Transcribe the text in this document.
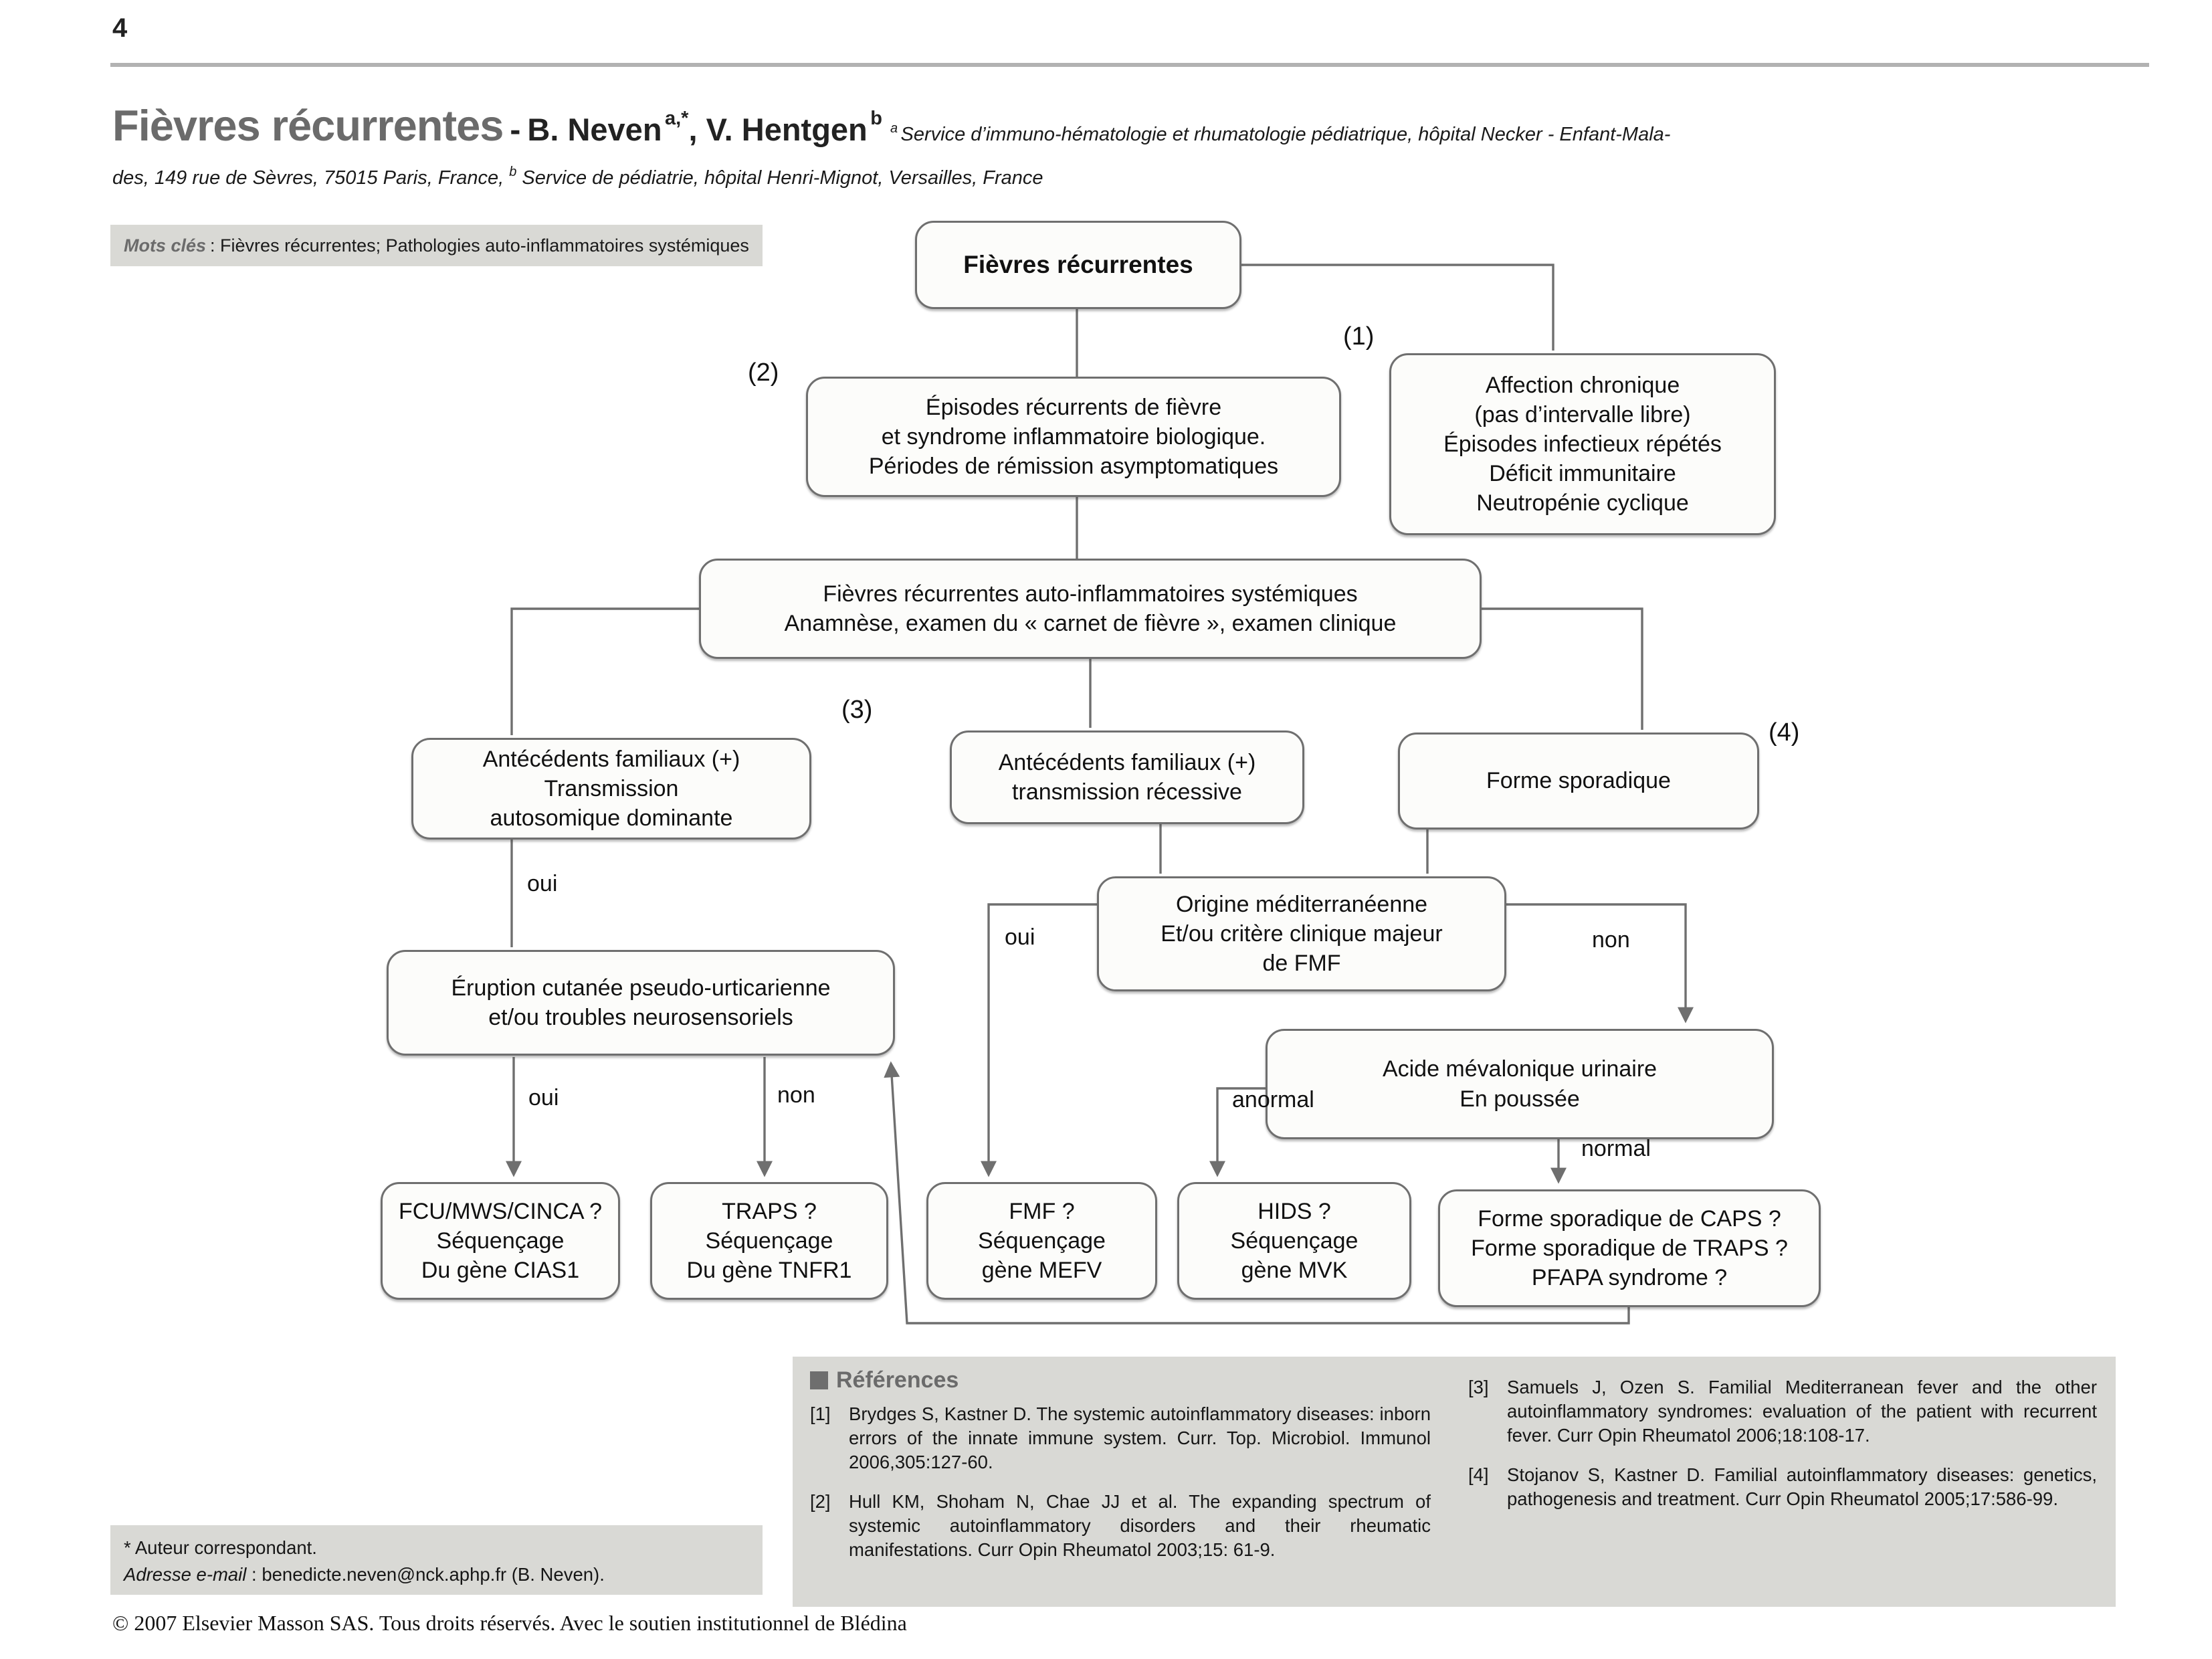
4
Fièvres récurrentes - B. Neven a,*, V. Hentgen b a Service d’immuno-hématologie et rhumatologie pédiatrique, hôpital Necker - Enfant-Mala-
des, 149 rue de Sèvres, 75015 Paris, France, $^b$ Service de pédiatrie, hôpital Henri-Mignot, Versailles, France
Mots clés : Fièvres récurrentes; Pathologies auto-inflammatoires systémiques
Fièvres récurrentes
Affection chronique
(pas d’intervalle libre)
Épisodes infectieux répétés
Déficit immunitaire
Neutropénie cyclique
Épisodes récurrents de fièvre
et syndrome inflammatoire biologique.
Périodes de rémission asymptomatiques
Fièvres récurrentes auto-inflammatoires systémiques
Anamnèse, examen du « carnet de fièvre », examen clinique
Antécédents familiaux (+)
Transmission
autosomique dominante
Antécédents familiaux (+)
transmission récessive	Forme sporadique
Éruption cutanée pseudo-urticarienne
et/ou troubles neurosensoriels
Origine méditerranéenne
Et/ou critère clinique majeur
de FMF
Acide mévalonique urinaire
En poussée
FCU/MWS/CINCA ?
Séquençage
Du gène CIAS1
TRAPS ?
Séquençage
Du gène TNFR1
FMF ?
Séquençage
gène MEFV
HIDS ?
Séquençage
gène MVK
Forme sporadique de CAPS ?
Forme sporadique de TRAPS ?
PFAPA syndrome ?
(1)
(2)
(3)
(4)
oui
oui	non
oui	non	anormal
normal
Références
[1] Brydges S, Kastner D. The systemic autoinflammatory diseases: inborn errors of the innate immune system. Curr. Top. Microbiol. Immunol 2006,305:127-60.
[2] Hull KM, Shoham N, Chae JJ et al. The expanding spectrum of systemic autoinflammatory disorders and their rheumatic manifestations. Curr Opin Rheumatol 2003;15: 61-9.
[3] Samuels J, Ozen S. Familial Mediterranean fever and the other autoinflammatory syndromes: evaluation of the patient with recurrent fever. Curr Opin Rheumatol 2006;18:108-17.
[4] Stojanov S, Kastner D. Familial autoinflammatory diseases: genetics, pathogenesis and treatment. Curr Opin Rheumatol 2005;17:586-99.
* Auteur correspondant.
Adresse e-mail : benedicte.neven@nck.aphp.fr (B. Neven).
© 2007 Elsevier Masson SAS. Tous droits réservés. Avec le soutien institutionnel de Blédina
